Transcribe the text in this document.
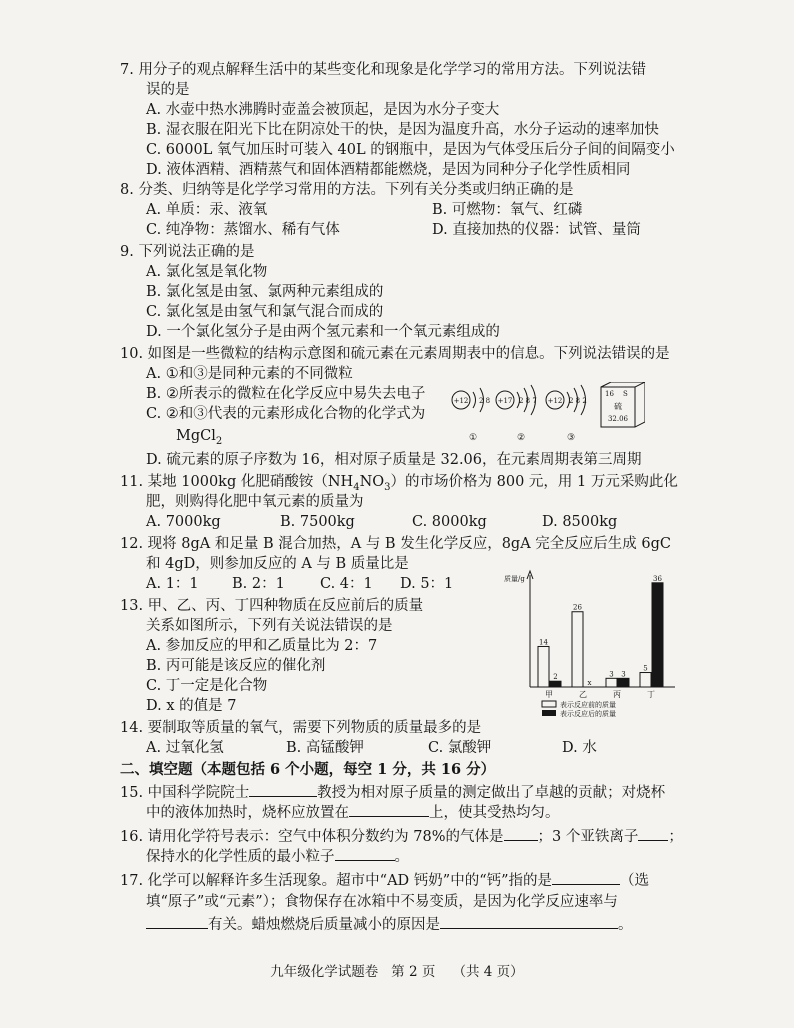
7. 用分子的观点解释生活中的某些变化和现象是化学学习的常用方法。下列说法错
误的是
A. 水壶中热水沸腾时壶盖会被顶起，是因为水分子变大
B. 湿衣服在阳光下比在阴凉处干的快，是因为温度升高，水分子运动的速率加快
C. 6000L 氧气加压时可装入 40L 的钢瓶中，是因为气体受压后分子间的间隔变小
D. 液体酒精、酒精蒸气和固体酒精都能燃烧，是因为同种分子化学性质相同
8. 分类、归纳等是化学学习常用的方法。下列有关分类或归纳正确的是
A. 单质：汞、液氧	B. 可燃物：氧气、红磷
C. 纯净物：蒸馏水、稀有气体	D. 直接加热的仪器：试管、量筒
9. 下列说法正确的是
A. 氯化氢是氧化物
B. 氯化氢是由氢、氯两种元素组成的
C. 氯化氢是由氢气和氯气混合而成的
D. 一个氯化氢分子是由两个氢元素和一个氧元素组成的
10. 如图是一些微粒的结构示意图和硫元素在元素周期表中的信息。下列说法错误的是
A. ①和③是同种元素的不同微粒
B. ②所表示的微粒在化学反应中易失去电子
C. ②和③代表的元素形成化合物的化学式为
MgCl$_2$
D. 硫元素的原子序数为 16，相对原子质量是 32.06，在元素周期表第三周期
+12 2 8
①
+17 2 8 7
②
+12 2 8 2
③
16 S
硫
32.06
11. 某地 1000kg 化肥硝酸铵$(NH_4NO_3)$的市场价格为 800 元，用 1 万元采购此化
肥，则购得化肥中氧元素的质量为
A. 7000kg	B. 7500kg	C. 8000kg	D. 8500kg
12. 现将 8gA 和足量 B 混合加热，A 与 B 发生化学反应，8gA 完全反应后生成 6gC
和 4gD，则参加反应的 A 与 B 质量比是
A. 1：1 B. 2：1 C. 4：1 D. 5：1
13. 甲、乙、丙、丁四种物质在反应前后的质量
关系如图所示，下列有关说法错误的是
A. 参加反应的甲和乙质量比为 2：7
B. 丙可能是该反应的催化剂
C. 丁一定是化合物
D. x 的值是 7
质量/g
14
2
甲
26
x
乙
3 3
丙
5
36
丁
表示反应前的质量
表示反应后的质量
14. 要制取等质量的氧气，需要下列物质的质量最多的是
A. 过氧化氢	B. 高锰酸钾	C. 氯酸钾	D. 水
二、填空题（本题包括 6 个小题，每空 1 分，共 16 分）
15. 中国科学院院士	教授为相对原子质量的测定做出了卓越的贡献；对烧杯
中的液体加热时，烧杯应放置在	上，使其受热均匀。
16. 请用化学符号表示：空气中体积分数约为 78%的气体是 ；3 个亚铁离子 ；
保持水的化学性质的最小粒子	。
17. 化学可以解释许多生活现象。超市中“AD 钙奶”中的“钙”指的是	（选
填“原子”或“元素”）；食物保存在冰箱中不易变质，是因为化学反应速率与
有关。蜡烛燃烧后质量减小的原因是	。
九年级化学试题卷 第 2 页 （共 4 页）
